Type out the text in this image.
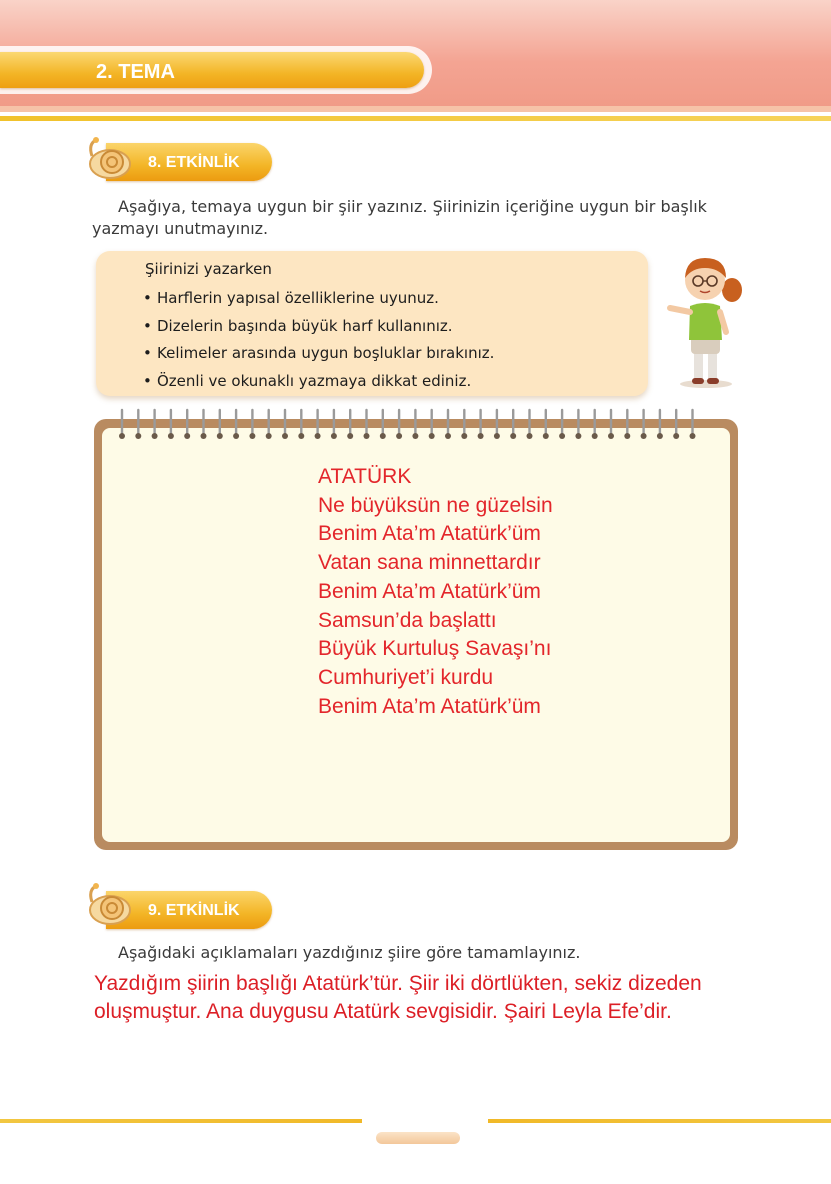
2. TEMA
8. ETKİNLİK
Aşağıya, temaya uygun bir şiir yazınız. Şiirinizin içeriğine uygun bir başlık yazmayı unutmayınız.
Şiirinizi yazarken
• Harflerin yapısal özelliklerine uyunuz.
• Dizelerin başında büyük harf kullanınız.
• Kelimeler arasında uygun boşluklar bırakınız.
• Özenli ve okunaklı yazmaya dikkat ediniz.
ATATÜRK
Ne büyüksün ne güzelsin
Benim Ata’m Atatürk’üm
Vatan sana minnettardır
Benim Ata’m Atatürk’üm
Samsun’da başlattı
Büyük Kurtuluş Savaşı’nı
Cumhuriyet’i kurdu
Benim Ata’m Atatürk’üm
9. ETKİNLİK
Aşağıdaki açıklamaları yazdığınız şiire göre tamamlayınız.
Yazdığım şiirin başlığı Atatürk’tür. Şiir iki dörtlükten, sekiz dizeden oluşmuştur. Ana duygusu Atatürk sevgisidir. Şairi Leyla Efe’dir.
